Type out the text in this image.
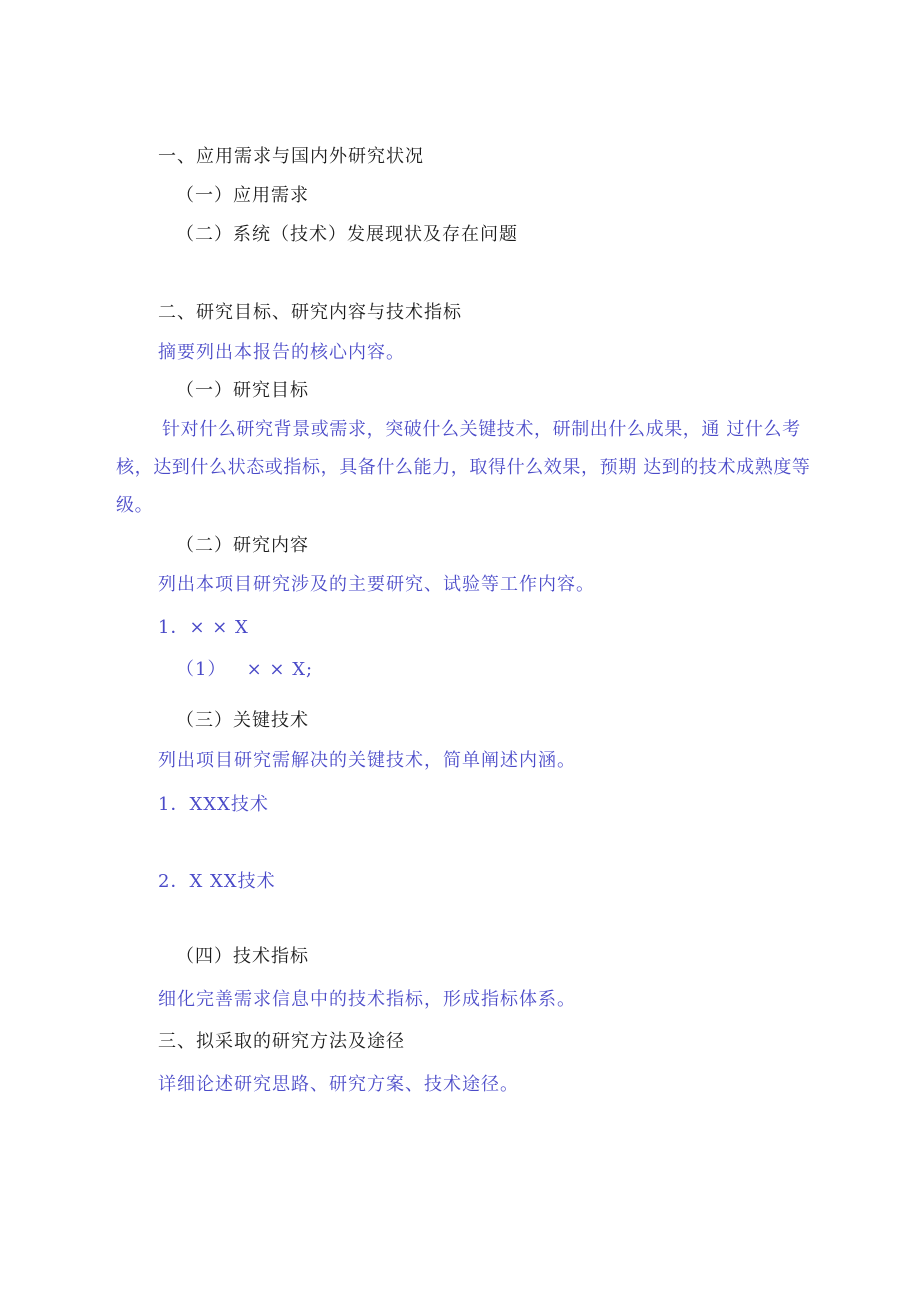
一、应用需求与国内外研究状况
（一）应用需求
（二）系统（技术）发展现状及存在问题
二、研究目标、研究内容与技术指标
摘要列出本报告的核心内容。
（一）研究目标
针对什么研究背景或需求，突破什么关键技术，研制出什么成果，通 过什么考核，达到什么状态或指标，具备什么能力，取得什么效果，预期 达到的技术成熟度等级。
（二）研究内容
列出本项目研究涉及的主要研究、试验等工作内容。
1．× × X
（1）   × × X;
（三）关键技术
列出项目研究需解决的关键技术，简单阐述内涵。
1．XXX技术
2．X XX技术
（四）技术指标
细化完善需求信息中的技术指标，形成指标体系。
三、拟采取的研究方法及途径
详细论述研究思路、研究方案、技术途径。
